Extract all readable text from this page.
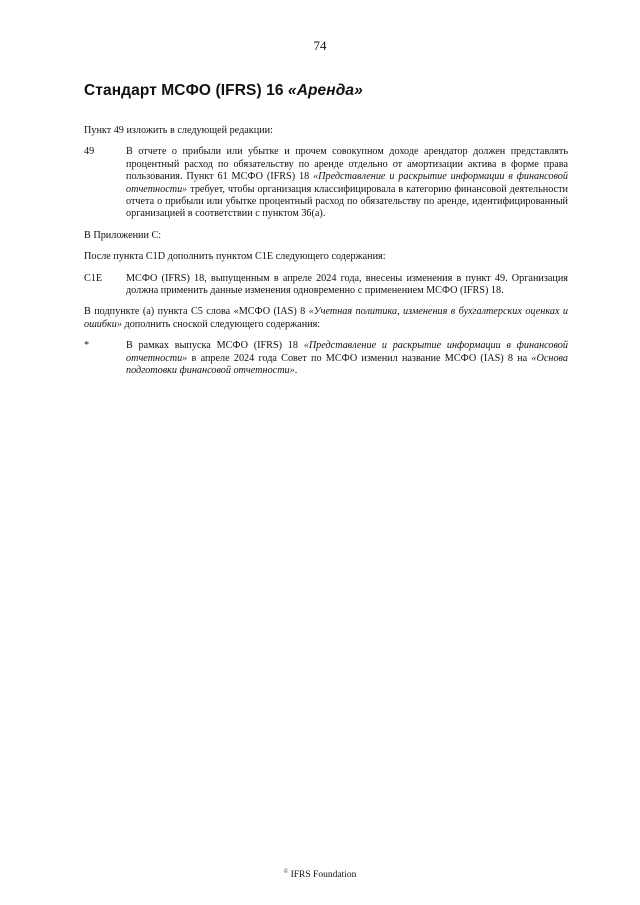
74
Стандарт МСФО (IFRS) 16 «Аренда»

Пункт 49 изложить в следующей редакции:

49	В отчете о прибыли или убытке и прочем совокупном доходе арендатор должен представлять процентный расход по обязательству по аренде отдельно от амортизации актива в форме права пользования. Пункт 61 МСФО (IFRS) 18 «Представление и раскрытие информации в финансовой отчетности» требует, чтобы организация классифицировала в категорию финансовой деятельности отчета о прибыли или убытке процентный расход по обязательству по аренде, идентифицированный организацией в соответствии с пунктом 36(a).

В Приложении С:

После пункта C1D дополнить пунктом C1E следующего содержания:

C1E	МСФО (IFRS) 18, выпущенным в апреле 2024 года, внесены изменения в пункт 49. Организация должна применить данные изменения одновременно с применением МСФО (IFRS) 18.

В подпункте (a) пункта C5 слова «МСФО (IAS) 8 «Учетная политика, изменения в бухгалтерских оценках и ошибки» дополнить сноской следующего содержания:

*	В рамках выпуска МСФО (IFRS) 18 «Представление и раскрытие информации в финансовой отчетности» в апреле 2024 года Совет по МСФО изменил название МСФО (IAS) 8 на «Основа подготовки финансовой отчетности».
© IFRS Foundation
